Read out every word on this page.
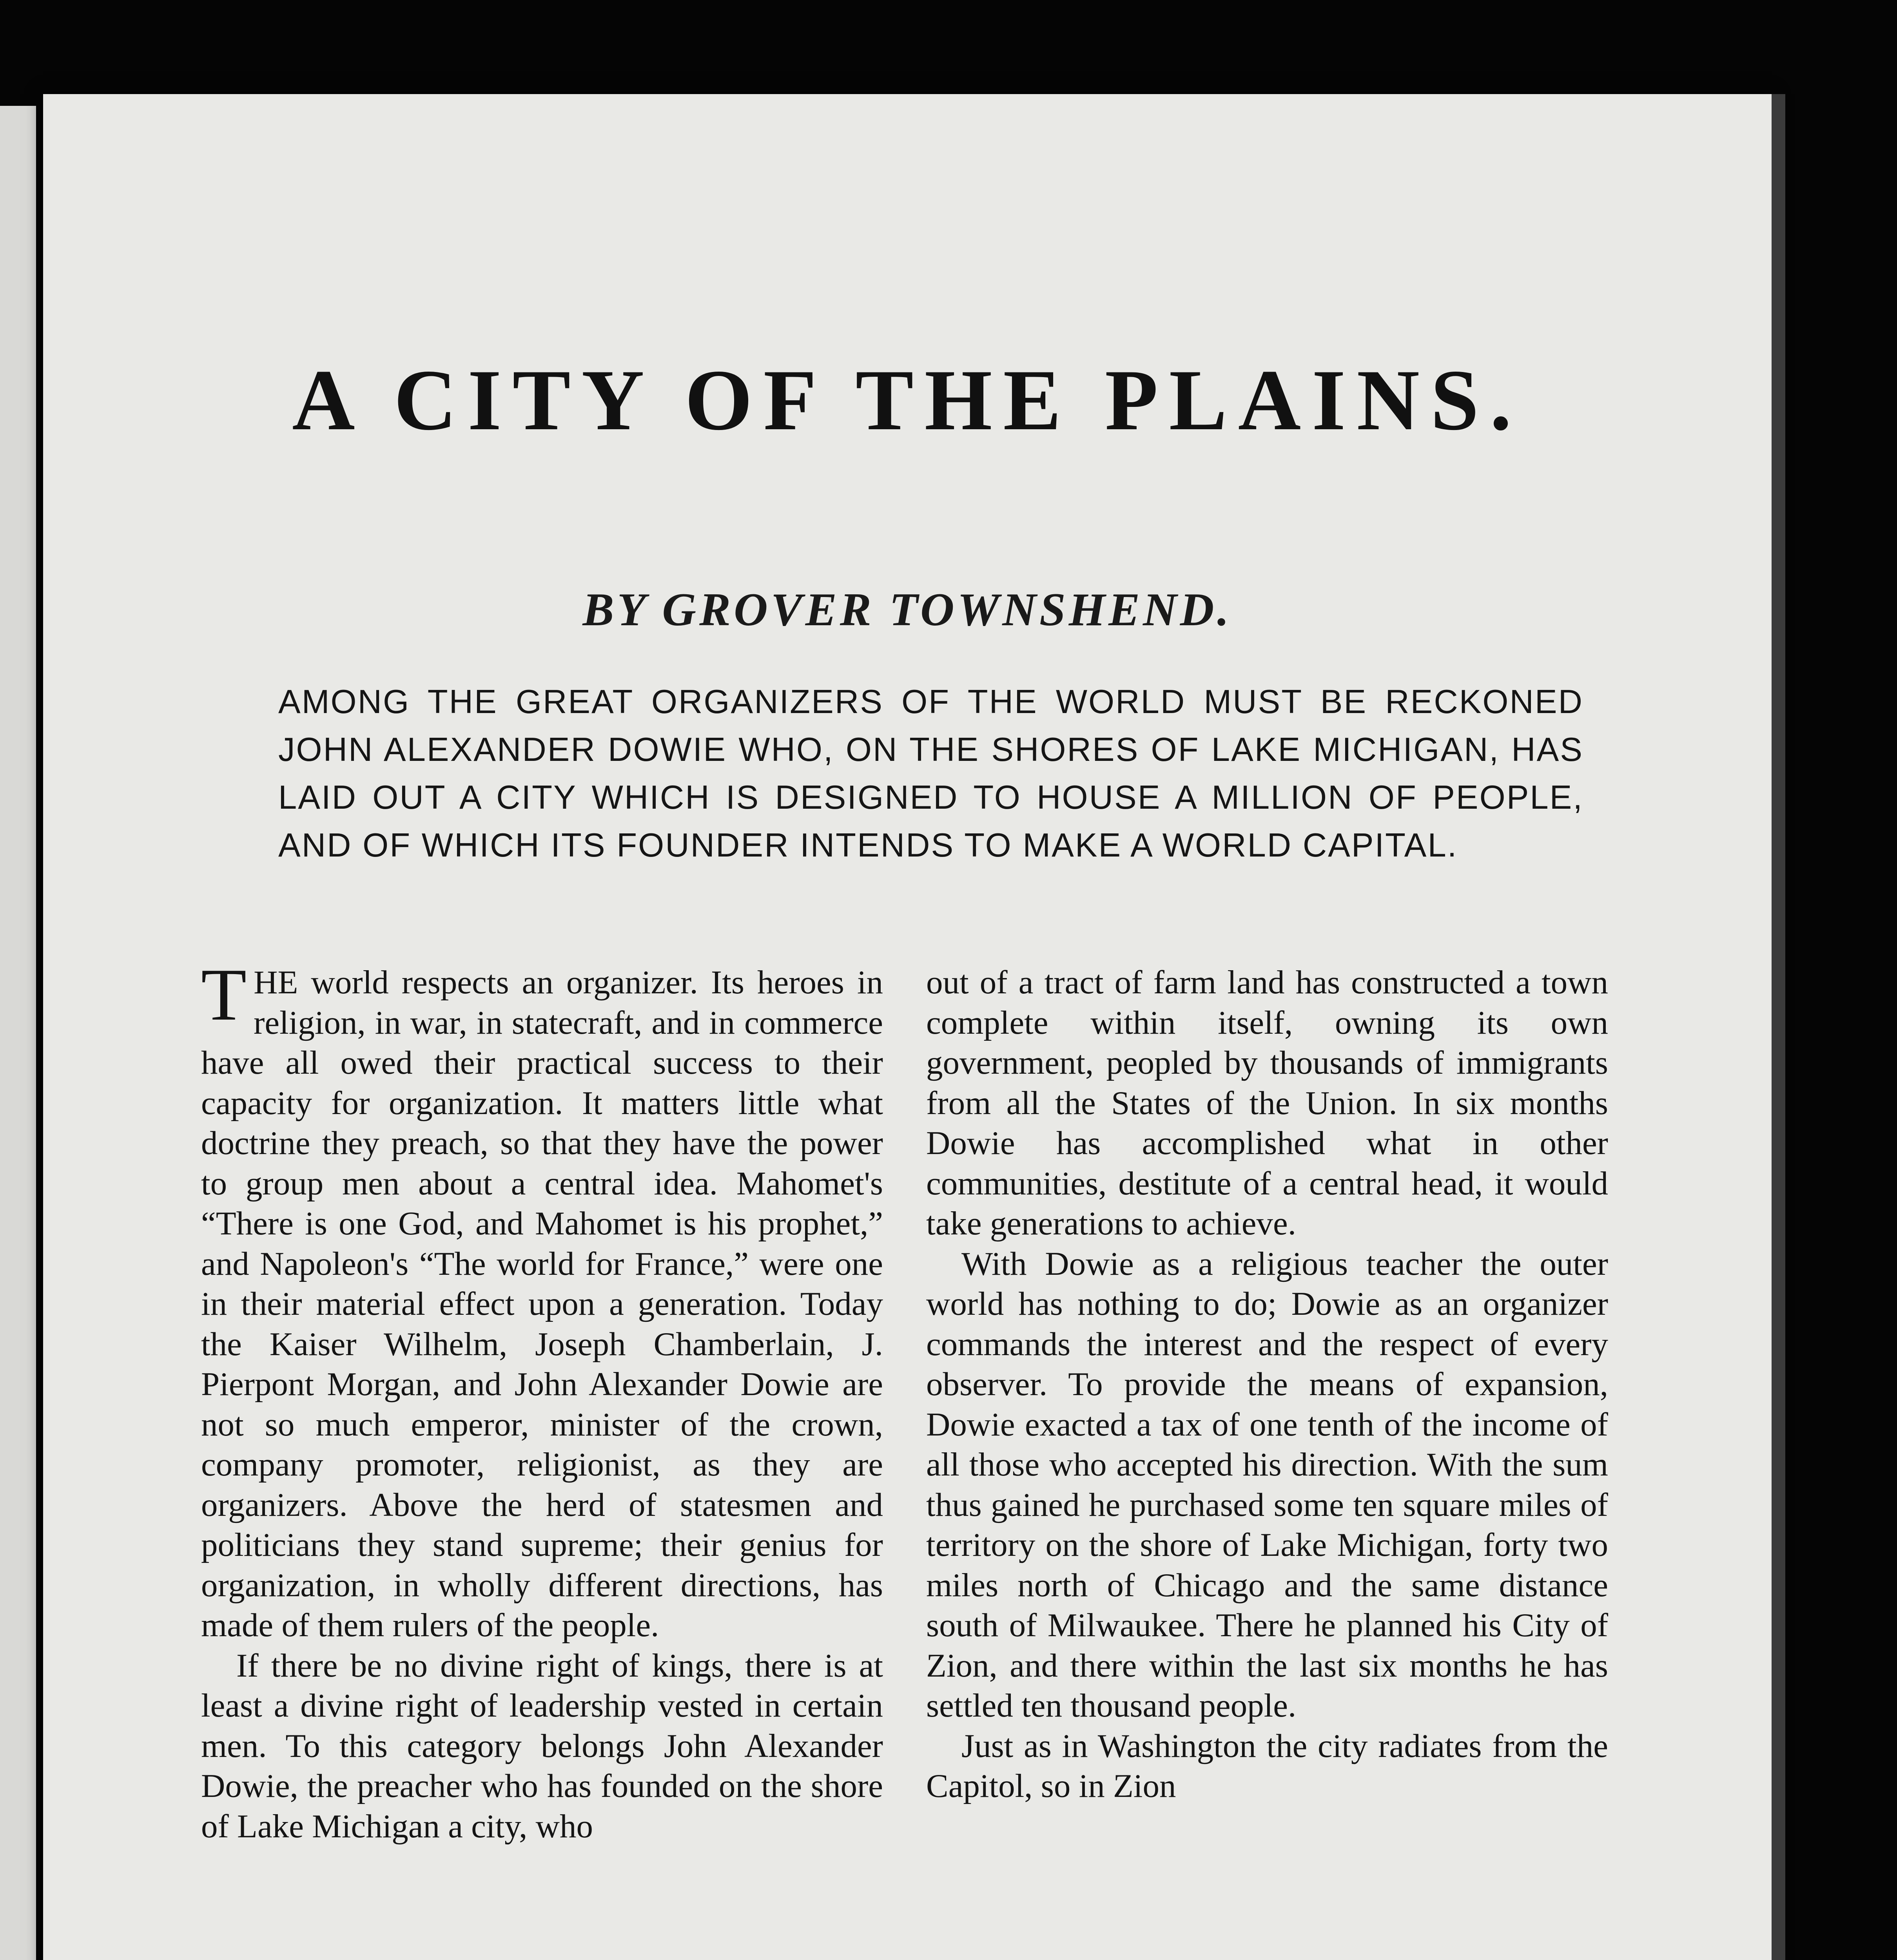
A CITY OF THE PLAINS.
BY GROVER TOWNSHEND.

AMONG THE GREAT ORGANIZERS OF THE WORLD MUST BE RECKONED JOHN ALEXANDER DOWIE WHO, ON THE SHORES OF LAKE MICHIGAN, HAS LAID OUT A CITY WHICH IS DESIGNED TO HOUSE A MILLION OF PEOPLE, AND OF WHICH ITS FOUNDER INTENDS TO MAKE A WORLD CAPITAL.

THE world respects an organizer. Its heroes in religion, in war, in statecraft, and in commerce have all owed their practical success to their capacity for organization. It matters little what doctrine they preach, so that they have the power to group men about a central idea. Mahomet's “There is one God, and Mahomet is his prophet,” and Napoleon's “The world for France,” were one in their material effect upon a generation. Today the Kaiser Wilhelm, Joseph Chamberlain, J. Pierpont Morgan, and John Alexander Dowie are not so much emperor, minister of the crown, company promoter, religionist, as they are organizers. Above the herd of statesmen and politicians they stand supreme; their genius for organization, in wholly different directions, has made of them rulers of the people.

If there be no divine right of kings, there is at least a divine right of leadership vested in certain men. To this category belongs John Alexander Dowie, the preacher who has founded on the shore of Lake Michigan a city, who

out of a tract of farm land has constructed a town complete within itself, owning its own government, peopled by thousands of immigrants from all the States of the Union. In six months Dowie has accomplished what in other communities, destitute of a central head, it would take generations to achieve.

With Dowie as a religious teacher the outer world has nothing to do; Dowie as an organizer commands the interest and the respect of every observer. To provide the means of expansion, Dowie exacted a tax of one tenth of the income of all those who accepted his direction. With the sum thus gained he purchased some ten square miles of territory on the shore of Lake Michigan, forty two miles north of Chicago and the same distance south of Milwaukee. There he planned his City of Zion, and there within the last six months he has settled ten thousand people.

Just as in Washington the city radiates from the Capitol, so in Zion
